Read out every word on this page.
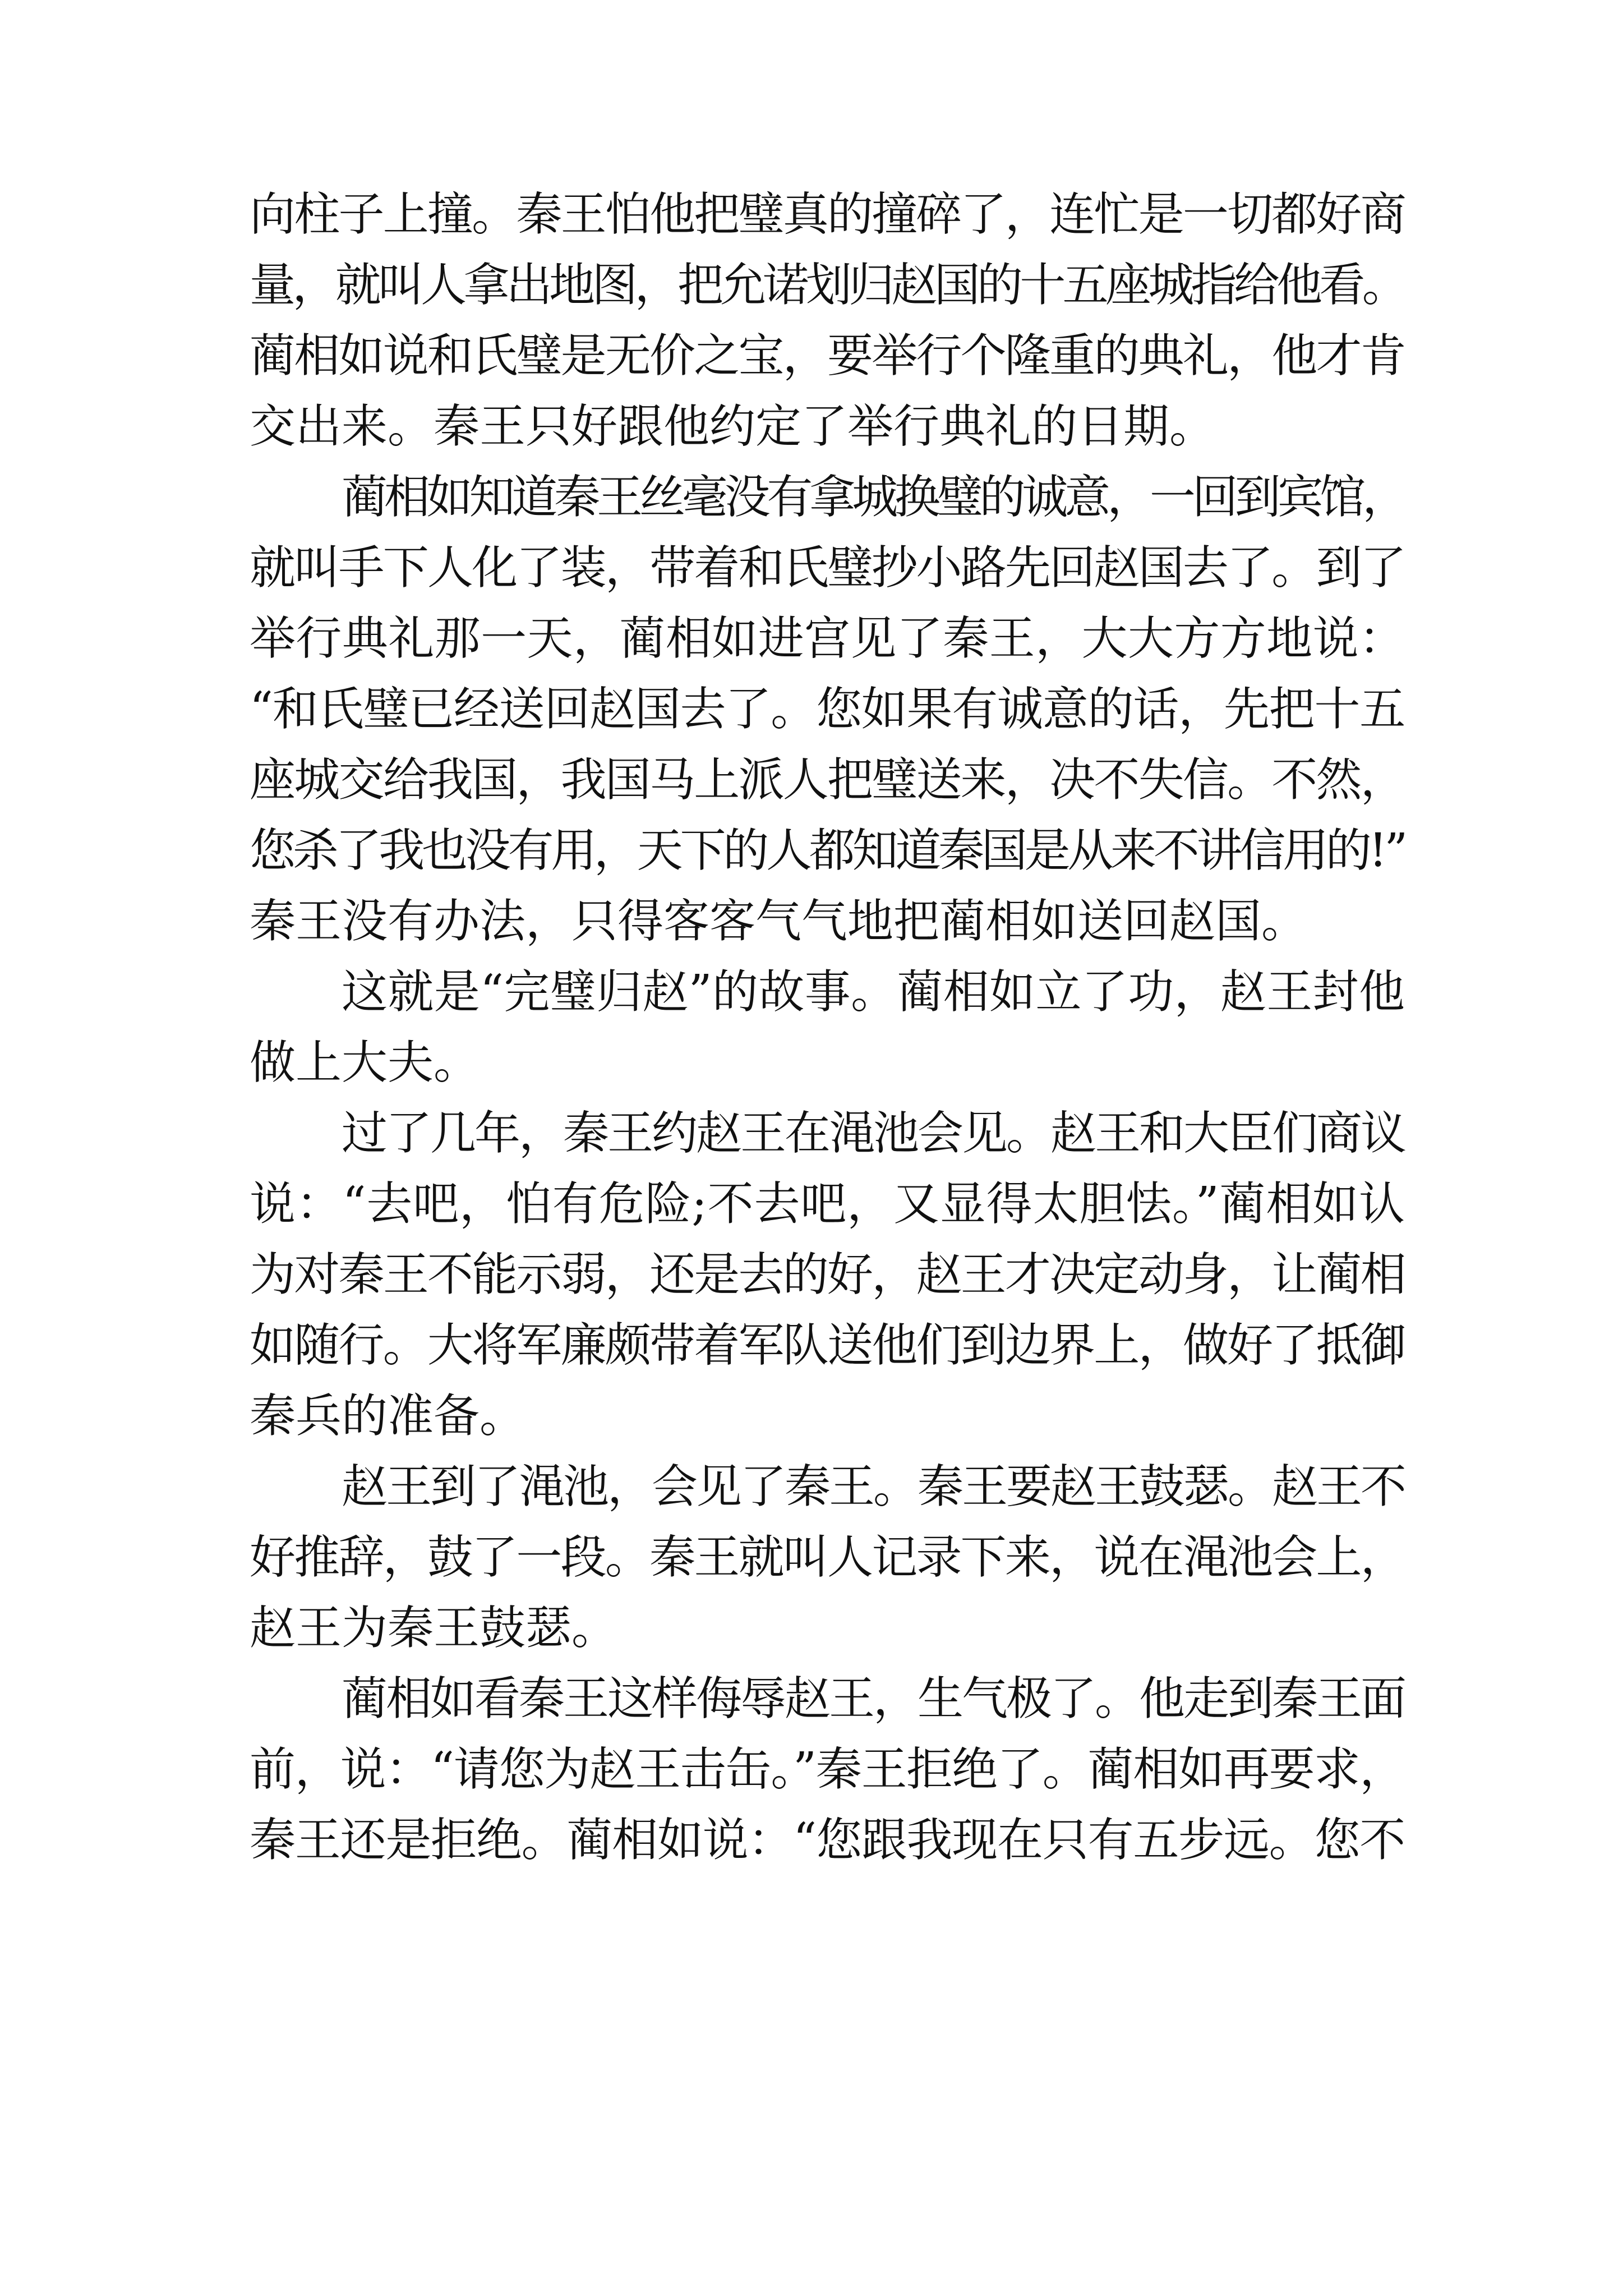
向柱子上撞。秦王怕他把璧真的撞碎了，连忙是一切都好商
量，就叫人拿出地图，把允诺划归赵国的十五座城指给他看。
蔺相如说和氏璧是无价之宝，要举行个隆重的典礼，他才肯
交出来。秦王只好跟他约定了举行典礼的日期。
蔺相如知道秦王丝毫没有拿城换璧的诚意，一回到宾馆，
就叫手下人化了装，带着和氏璧抄小路先回赵国去了。到了
举行典礼那一天，蔺相如进宫见了秦王，大大方方地说：
“和氏璧已经送回赵国去了。您如果有诚意的话，先把十五
座城交给我国，我国马上派人把璧送来，决不失信。不然，
您杀了我也没有用，天下的人都知道秦国是从来不讲信用的!”
秦王没有办法，只得客客气气地把蔺相如送回赵国。
这就是“完璧归赵”的故事。蔺相如立了功，赵王封他
做上大夫。
过了几年，秦王约赵王在渑池会见。赵王和大臣们商议
说：“去吧，怕有危险;不去吧，又显得太胆怯。”蔺相如认
为对秦王不能示弱，还是去的好，赵王才决定动身，让蔺相
如随行。大将军廉颇带着军队送他们到边界上，做好了抵御
秦兵的准备。
赵王到了渑池，会见了秦王。秦王要赵王鼓瑟。赵王不
好推辞，鼓了一段。秦王就叫人记录下来，说在渑池会上，
赵王为秦王鼓瑟。
蔺相如看秦王这样侮辱赵王，生气极了。他走到秦王面
前，说：“请您为赵王击缶。”秦王拒绝了。蔺相如再要求，
秦王还是拒绝。蔺相如说：“您跟我现在只有五步远。您不
